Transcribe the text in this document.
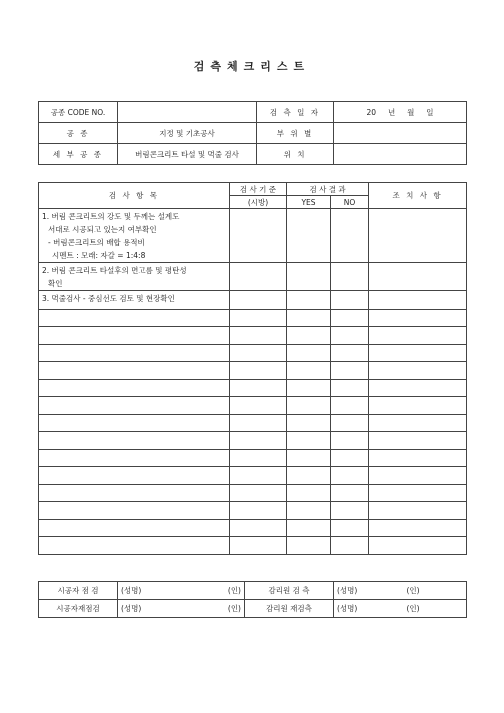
검측체크리스트
공종 CODE NO.		검 측 일 자	20 년 월 일
공 종	지정 및 기초공사	부 위 별	
세 부 공 종	버림콘크리트 타설 및 먹줄 검사	위 치	
검 사 항 목	검 사 기 준	검 사 결 과		조 치 사 항
	(시방)	YES	NO	
1. 버림 콘크리트의 강도 및 두께는 설계도
서대로 시공되고 있는지 여부확인
- 버림콘크리트의 배합 용적비
시멘트 : 모래: 자갈 = 1:4:8				

2. 버림 콘크리트 타설후의 면고름 및 평탄성
확인				

3. 먹줄검사 - 중심선도 검토 및 현장확인				

시공자 점 검	(성명)	(인)	감리원 검 측	(성명)	(인)
시공자재점검	(성명)	(인)	감리원 재검측	(성명)	(인)
